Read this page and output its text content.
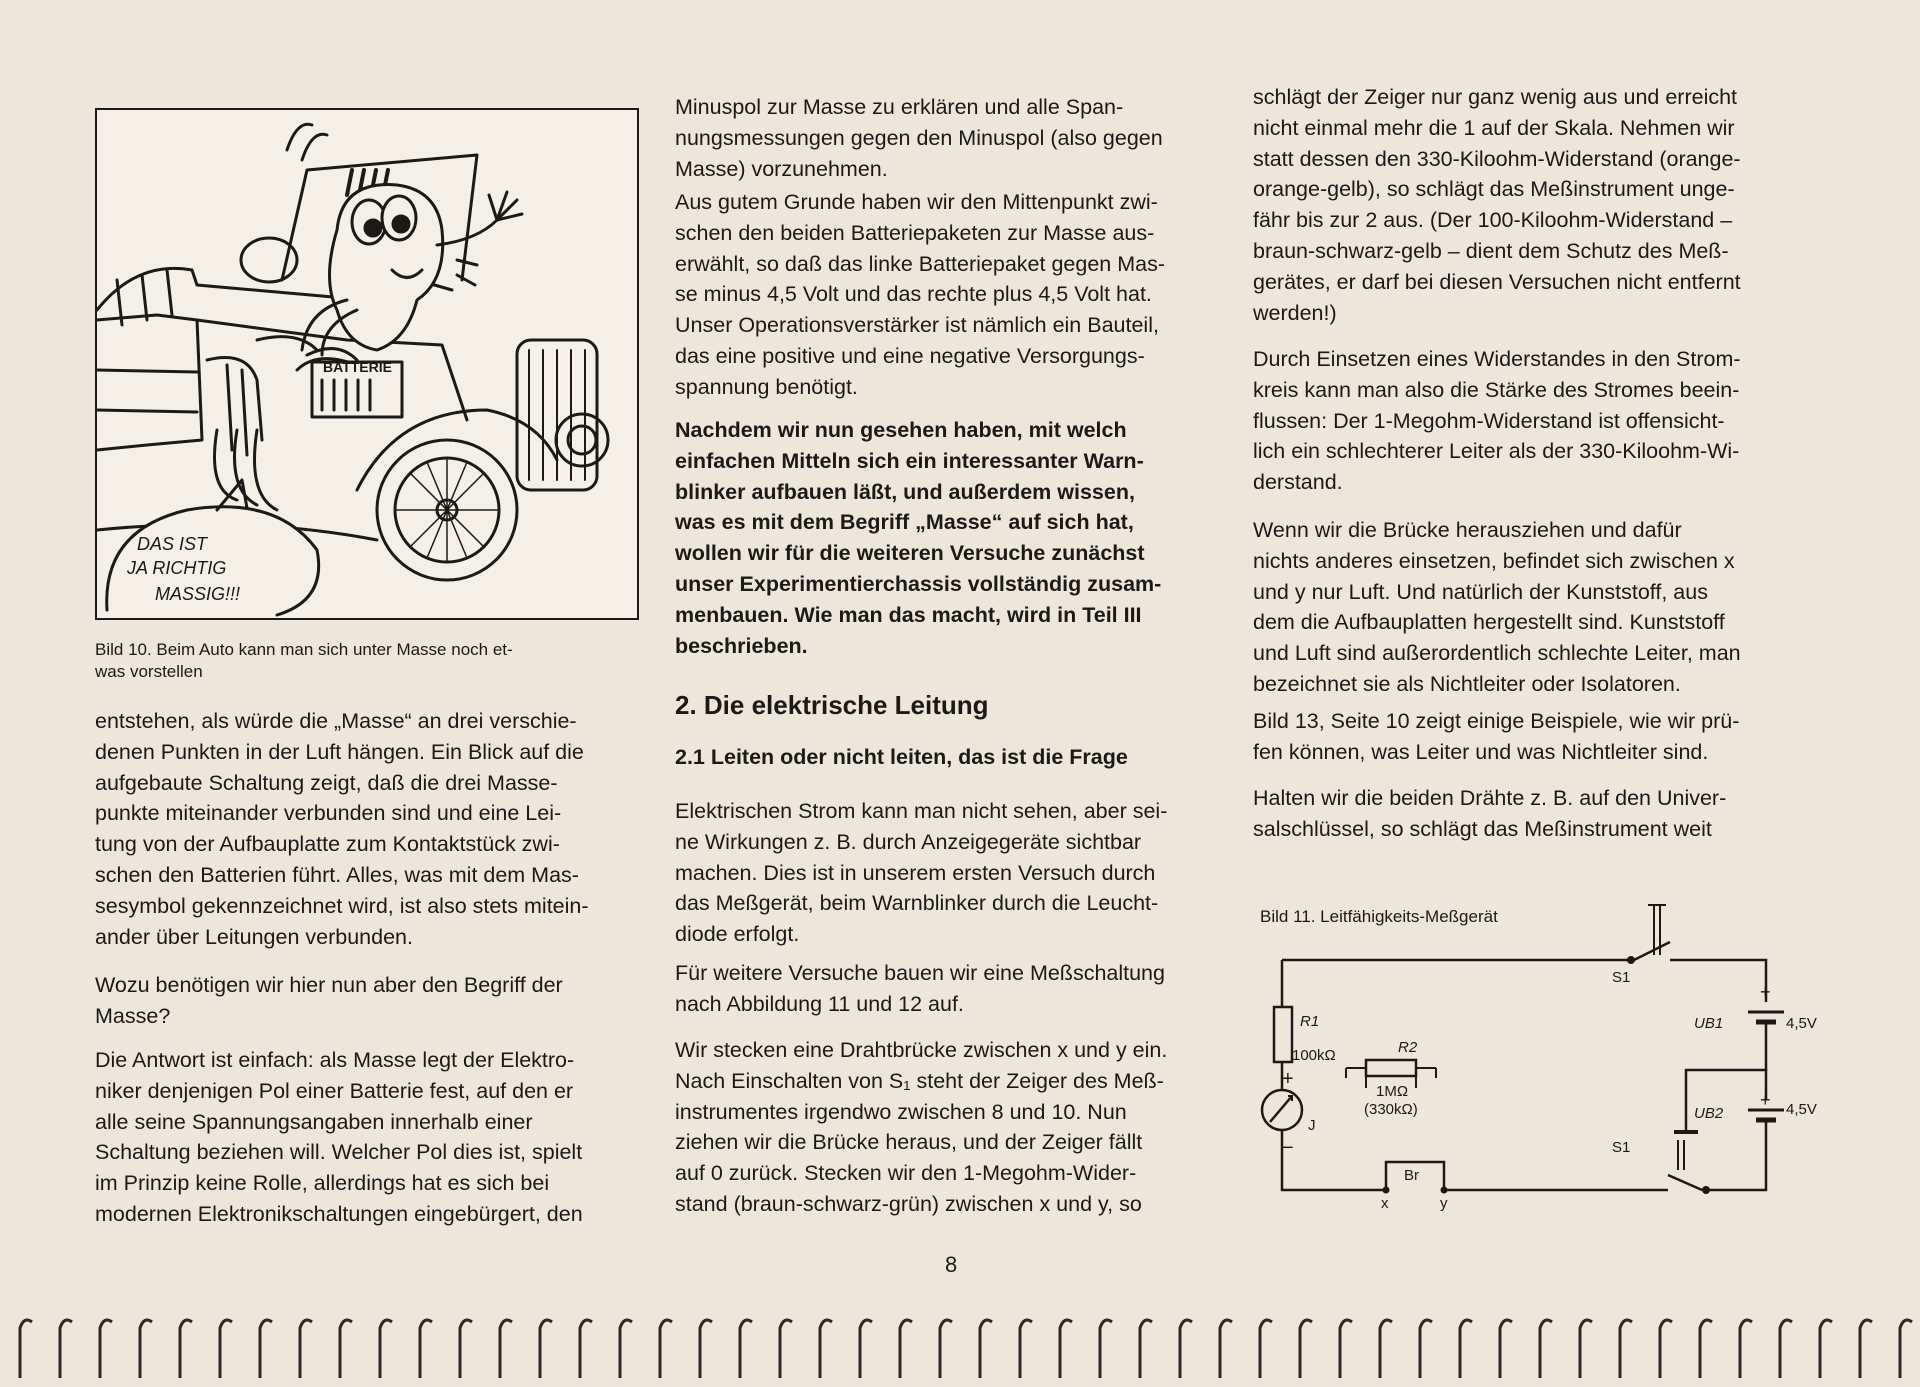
BATTERIE
DAS IST
JA RICHTIG
MASSIG!!!
Bild 10. Beim Auto kann man sich unter Masse noch et-
was vorstellen

entstehen, als würde die „Masse“ an drei verschie-

denen Punkten in der Luft hängen. Ein Blick auf die

aufgebaute Schaltung zeigt, daß die drei Masse-

punkte miteinander verbunden sind und eine Lei-

tung von der Aufbauplatte zum Kontaktstück zwi-

schen den Batterien führt. Alles, was mit dem Mas-

sesymbol gekennzeichnet wird, ist also stets mitein-

ander über Leitungen verbunden.

Wozu benötigen wir hier nun aber den Begriff der

Masse?

Die Antwort ist einfach: als Masse legt der Elektro-

niker denjenigen Pol einer Batterie fest, auf den er

alle seine Spannungsangaben innerhalb einer

Schaltung beziehen will. Welcher Pol dies ist, spielt

im Prinzip keine Rolle, allerdings hat es sich bei

modernen Elektronikschaltungen eingebürgert, den

Minuspol zur Masse zu erklären und alle Span-

nungsmessungen gegen den Minuspol (also gegen

Masse) vorzunehmen.

Aus gutem Grunde haben wir den Mittenpunkt zwi-

schen den beiden Batteriepaketen zur Masse aus-

erwählt, so daß das linke Batteriepaket gegen Mas-

se minus 4,5 Volt und das rechte plus 4,5 Volt hat.

Unser Operationsverstärker ist nämlich ein Bauteil,

das eine positive und eine negative Versorgungs-

spannung benötigt.

Nachdem wir nun gesehen haben, mit welch

einfachen Mitteln sich ein interessanter Warn-

blinker aufbauen läßt, und außerdem wissen,

was es mit dem Begriff „Masse“ auf sich hat,

wollen wir für die weiteren Versuche zunächst

unser Experimentierchassis vollständig zusam-

menbauen. Wie man das macht, wird in Teil III

beschrieben.

2. Die elektrische Leitung
2.1 Leiten oder nicht leiten, das ist die Frage

Elektrischen Strom kann man nicht sehen, aber sei-

ne Wirkungen z. B. durch Anzeigegeräte sichtbar

machen. Dies ist in unserem ersten Versuch durch

das Meßgerät, beim Warnblinker durch die Leucht-

diode erfolgt.

Für weitere Versuche bauen wir eine Meßschaltung

nach Abbildung 11 und 12 auf.

Wir stecken eine Drahtbrücke zwischen x und y ein.

Nach Einschalten von S₁ steht der Zeiger des Meß-

instrumentes irgendwo zwischen 8 und 10. Nun

ziehen wir die Brücke heraus, und der Zeiger fällt

auf 0 zurück. Stecken wir den 1-Megohm-Wider-

stand (braun-schwarz-grün) zwischen x und y, so

schlägt der Zeiger nur ganz wenig aus und erreicht

nicht einmal mehr die 1 auf der Skala. Nehmen wir

statt dessen den 330-Kiloohm-Widerstand (orange-

orange-gelb), so schlägt das Meßinstrument unge-

fähr bis zur 2 aus. (Der 100-Kiloohm-Widerstand –

braun-schwarz-gelb – dient dem Schutz des Meß-

gerätes, er darf bei diesen Versuchen nicht entfernt

werden!)

Durch Einsetzen eines Widerstandes in den Strom-

kreis kann man also die Stärke des Stromes beein-

flussen: Der 1-Megohm-Widerstand ist offensicht-

lich ein schlechterer Leiter als der 330-Kiloohm-Wi-

derstand.

Wenn wir die Brücke herausziehen und dafür

nichts anderes einsetzen, befindet sich zwischen x

und y nur Luft. Und natürlich der Kunststoff, aus

dem die Aufbauplatten hergestellt sind. Kunststoff

und Luft sind außerordentlich schlechte Leiter, man

bezeichnet sie als Nichtleiter oder Isolatoren.

Bild 13, Seite 10 zeigt einige Beispiele, wie wir prü-

fen können, was Leiter und was Nichtleiter sind.

Halten wir die beiden Drähte z. B. auf den Univer-

salschlüssel, so schlägt das Meßinstrument weit

Bild 11. Leitfähigkeits-Meßgerät
R1
100kΩ	R2
1MΩ
(330kΩ)
J
+
−
S1
S1
UB1
UB2
4,5V
4,5V
+
+
Br
x	y
8
